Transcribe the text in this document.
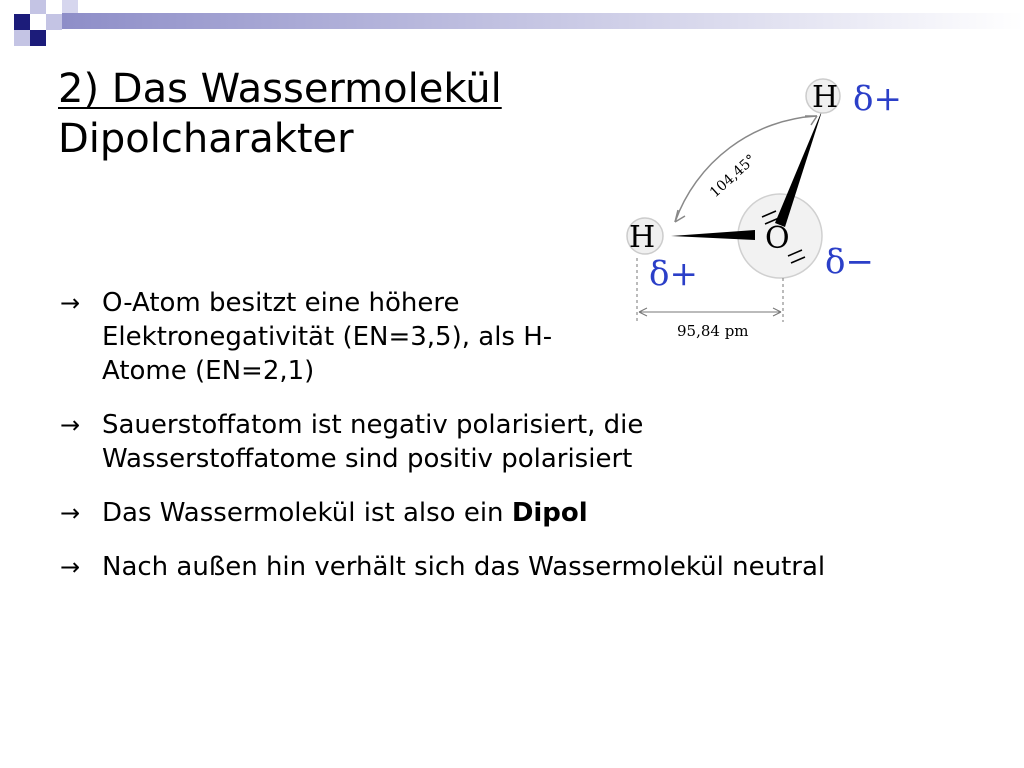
2) Das Wassermolekül
Dipolcharakter
H
H	O
104,45°
δ+
δ+	δ−
95,84 pm
→ O-Atom besitzt eine höhere Elektronegativität (EN=3,5), als H-Atome (EN=2,1)
→ Sauerstoffatom ist negativ polarisiert, die Wasserstoffatome sind positiv polarisiert
→ Das Wassermolekül ist also ein Dipol
→ Nach außen hin verhält sich das Wassermolekül neutral
